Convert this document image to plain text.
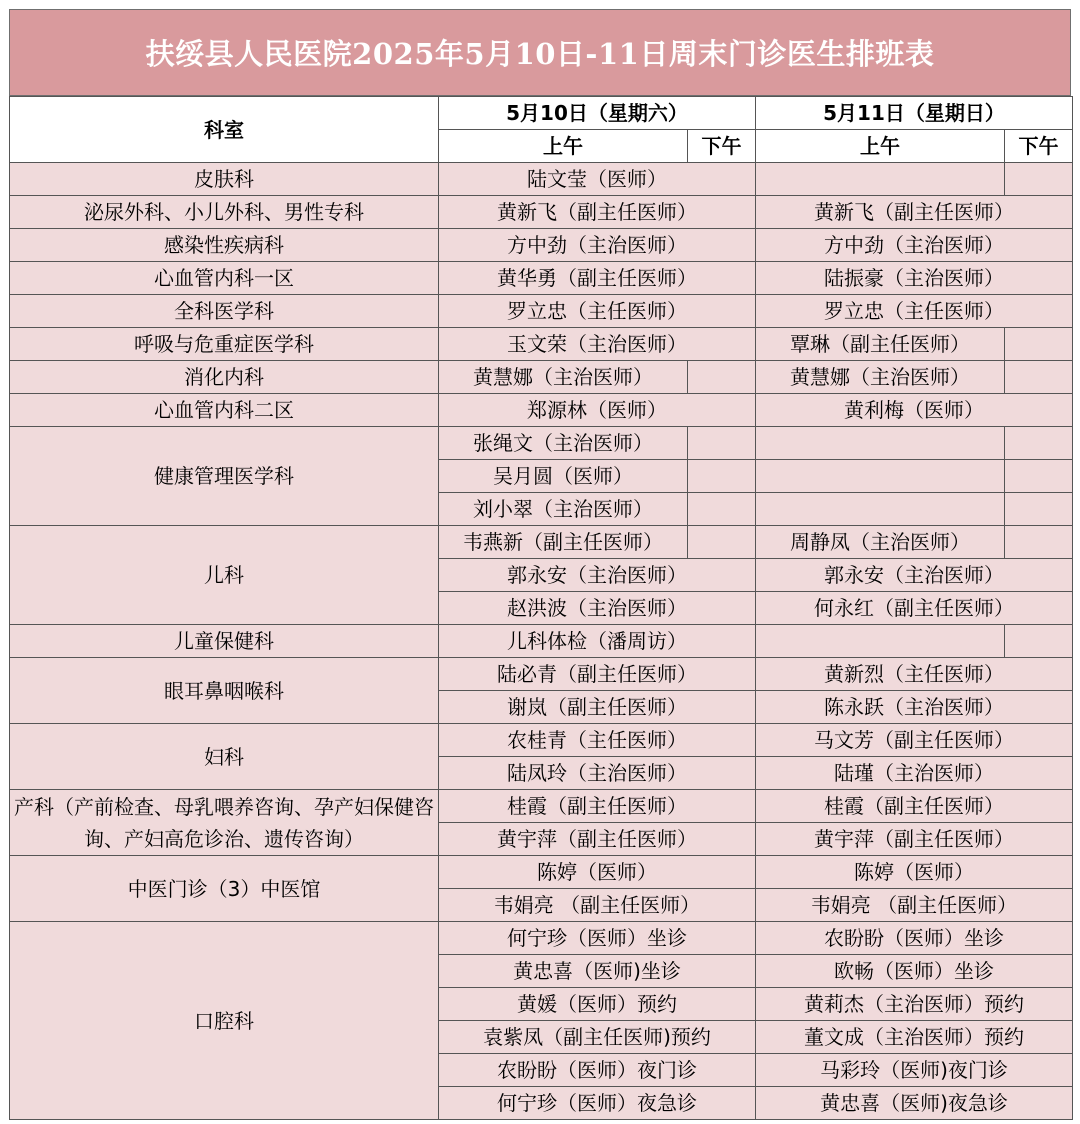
扶绥县人民医院2025年5月10日-11日周末门诊医生排班表
科室	5月10日（星期六）		5月11日（星期日）	
	上午	下午	上午	下午
皮肤科	陆文莹（医师）			
泌尿外科、小儿外科、男性专科	黄新飞（副主任医师）		黄新飞（副主任医师）	
感染性疾病科	方中劲（主治医师）		方中劲（主治医师）	
心血管内科一区	黄华勇（副主任医师）		陆振豪（主治医师）	
全科医学科	罗立忠（主任医师）		罗立忠（主任医师）	
呼吸与危重症医学科	玉文荣（主治医师）		覃琳（副主任医师）	
消化内科	黄慧娜（主治医师）		黄慧娜（主治医师）	
心血管内科二区	郑源林（医师）		黄利梅（医师）	
健康管理医学科	张绳文（主治医师）			
	吴月圆（医师）			
	刘小翠（主治医师）			
儿科	韦燕新（副主任医师）		周静凤（主治医师）	
	郭永安（主治医师）		郭永安（主治医师）	
	赵洪波（主治医师）		何永红（副主任医师）	
儿童保健科	儿科体检（潘周访）			
眼耳鼻咽喉科	陆必青（副主任医师）		黄新烈（主任医师）	
	谢岚（副主任医师）		陈永跃（主治医师）	
妇科	农桂青（主任医师）		马文芳（副主任医师）	
	陆凤玲（主治医师）		陆瑾（主治医师）	
产科（产前检查、母乳喂养咨询、孕产妇保健咨询、产妇高危诊治、遗传咨询）	桂霞（副主任医师）		桂霞（副主任医师）	
	黄宇萍（副主任医师）		黄宇萍（副主任医师）	
中医门诊（3）中医馆	陈婷（医师）		陈婷（医师）	
	韦娟亮 （副主任医师）		韦娟亮 （副主任医师）	
口腔科	何宁珍（医师）坐诊		农盼盼（医师）坐诊	
	黄忠喜（医师)坐诊		欧畅（医师）坐诊	
	黄媛（医师）预约		黄莉杰（主治医师）预约	
	袁紫凤（副主任医师)预约		董文成（主治医师）预约	
	农盼盼（医师）夜门诊		马彩玲（医师)夜门诊	
	何宁珍（医师）夜急诊		黄忠喜（医师)夜急诊	
